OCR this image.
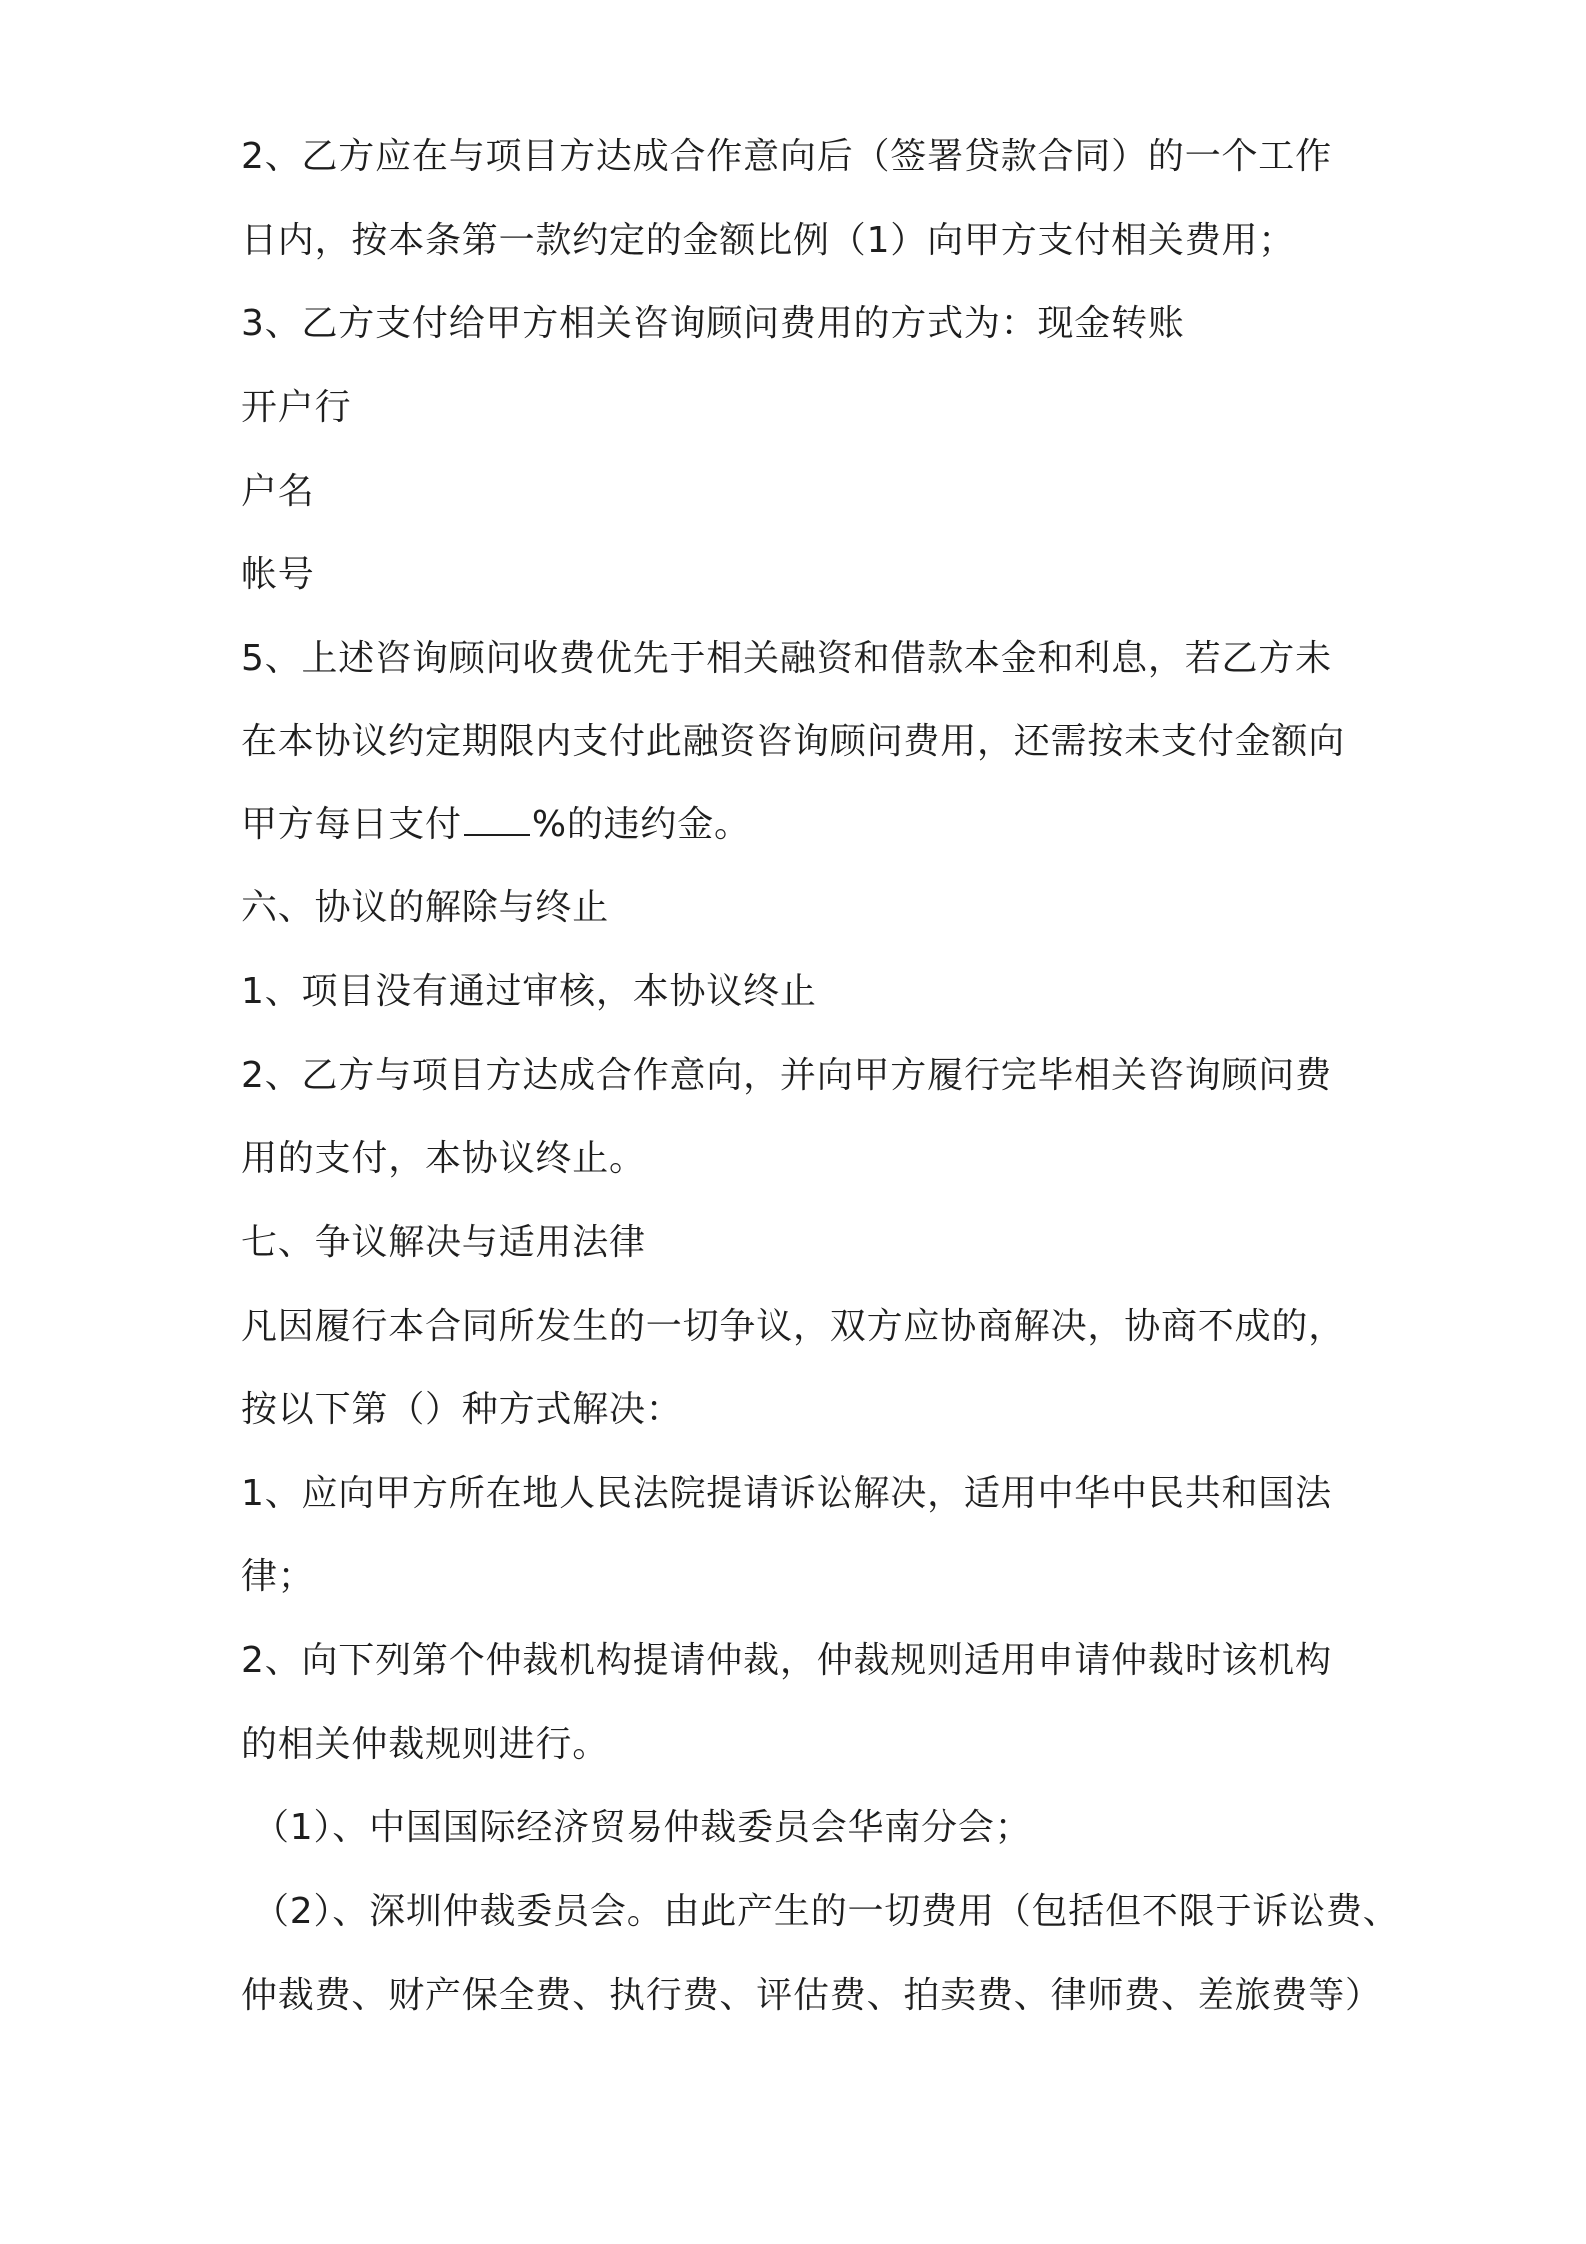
2、乙方应在与项目方达成合作意向后（签署贷款合同）的一个工作

日内，按本条第一款约定的金额比例（1）向甲方支付相关费用；

3、乙方支付给甲方相关咨询顾问费用的方式为：现金转账

开户行

户名

帐号

5、上述咨询顾问收费优先于相关融资和借款本金和利息，若乙方未

在本协议约定期限内支付此融资咨询顾问费用，还需按未支付金额向

甲方每日支付 %的违约金。

六、协议的解除与终止

1、项目没有通过审核，本协议终止

2、乙方与项目方达成合作意向，并向甲方履行完毕相关咨询顾问费

用的支付，本协议终止。

七、争议解决与适用法律

凡因履行本合同所发生的一切争议，双方应协商解决，协商不成的，

按以下第（）种方式解决：

1、应向甲方所在地人民法院提请诉讼解决，适用中华中民共和国法

律；

2、向下列第个仲裁机构提请仲裁，仲裁规则适用申请仲裁时该机构

的相关仲裁规则进行。

（1）、中国国际经济贸易仲裁委员会华南分会；

（2）、深圳仲裁委员会。由此产生的一切费用（包括但不限于诉讼费、

仲裁费、财产保全费、执行费、评估费、拍卖费、律师费、差旅费等）
